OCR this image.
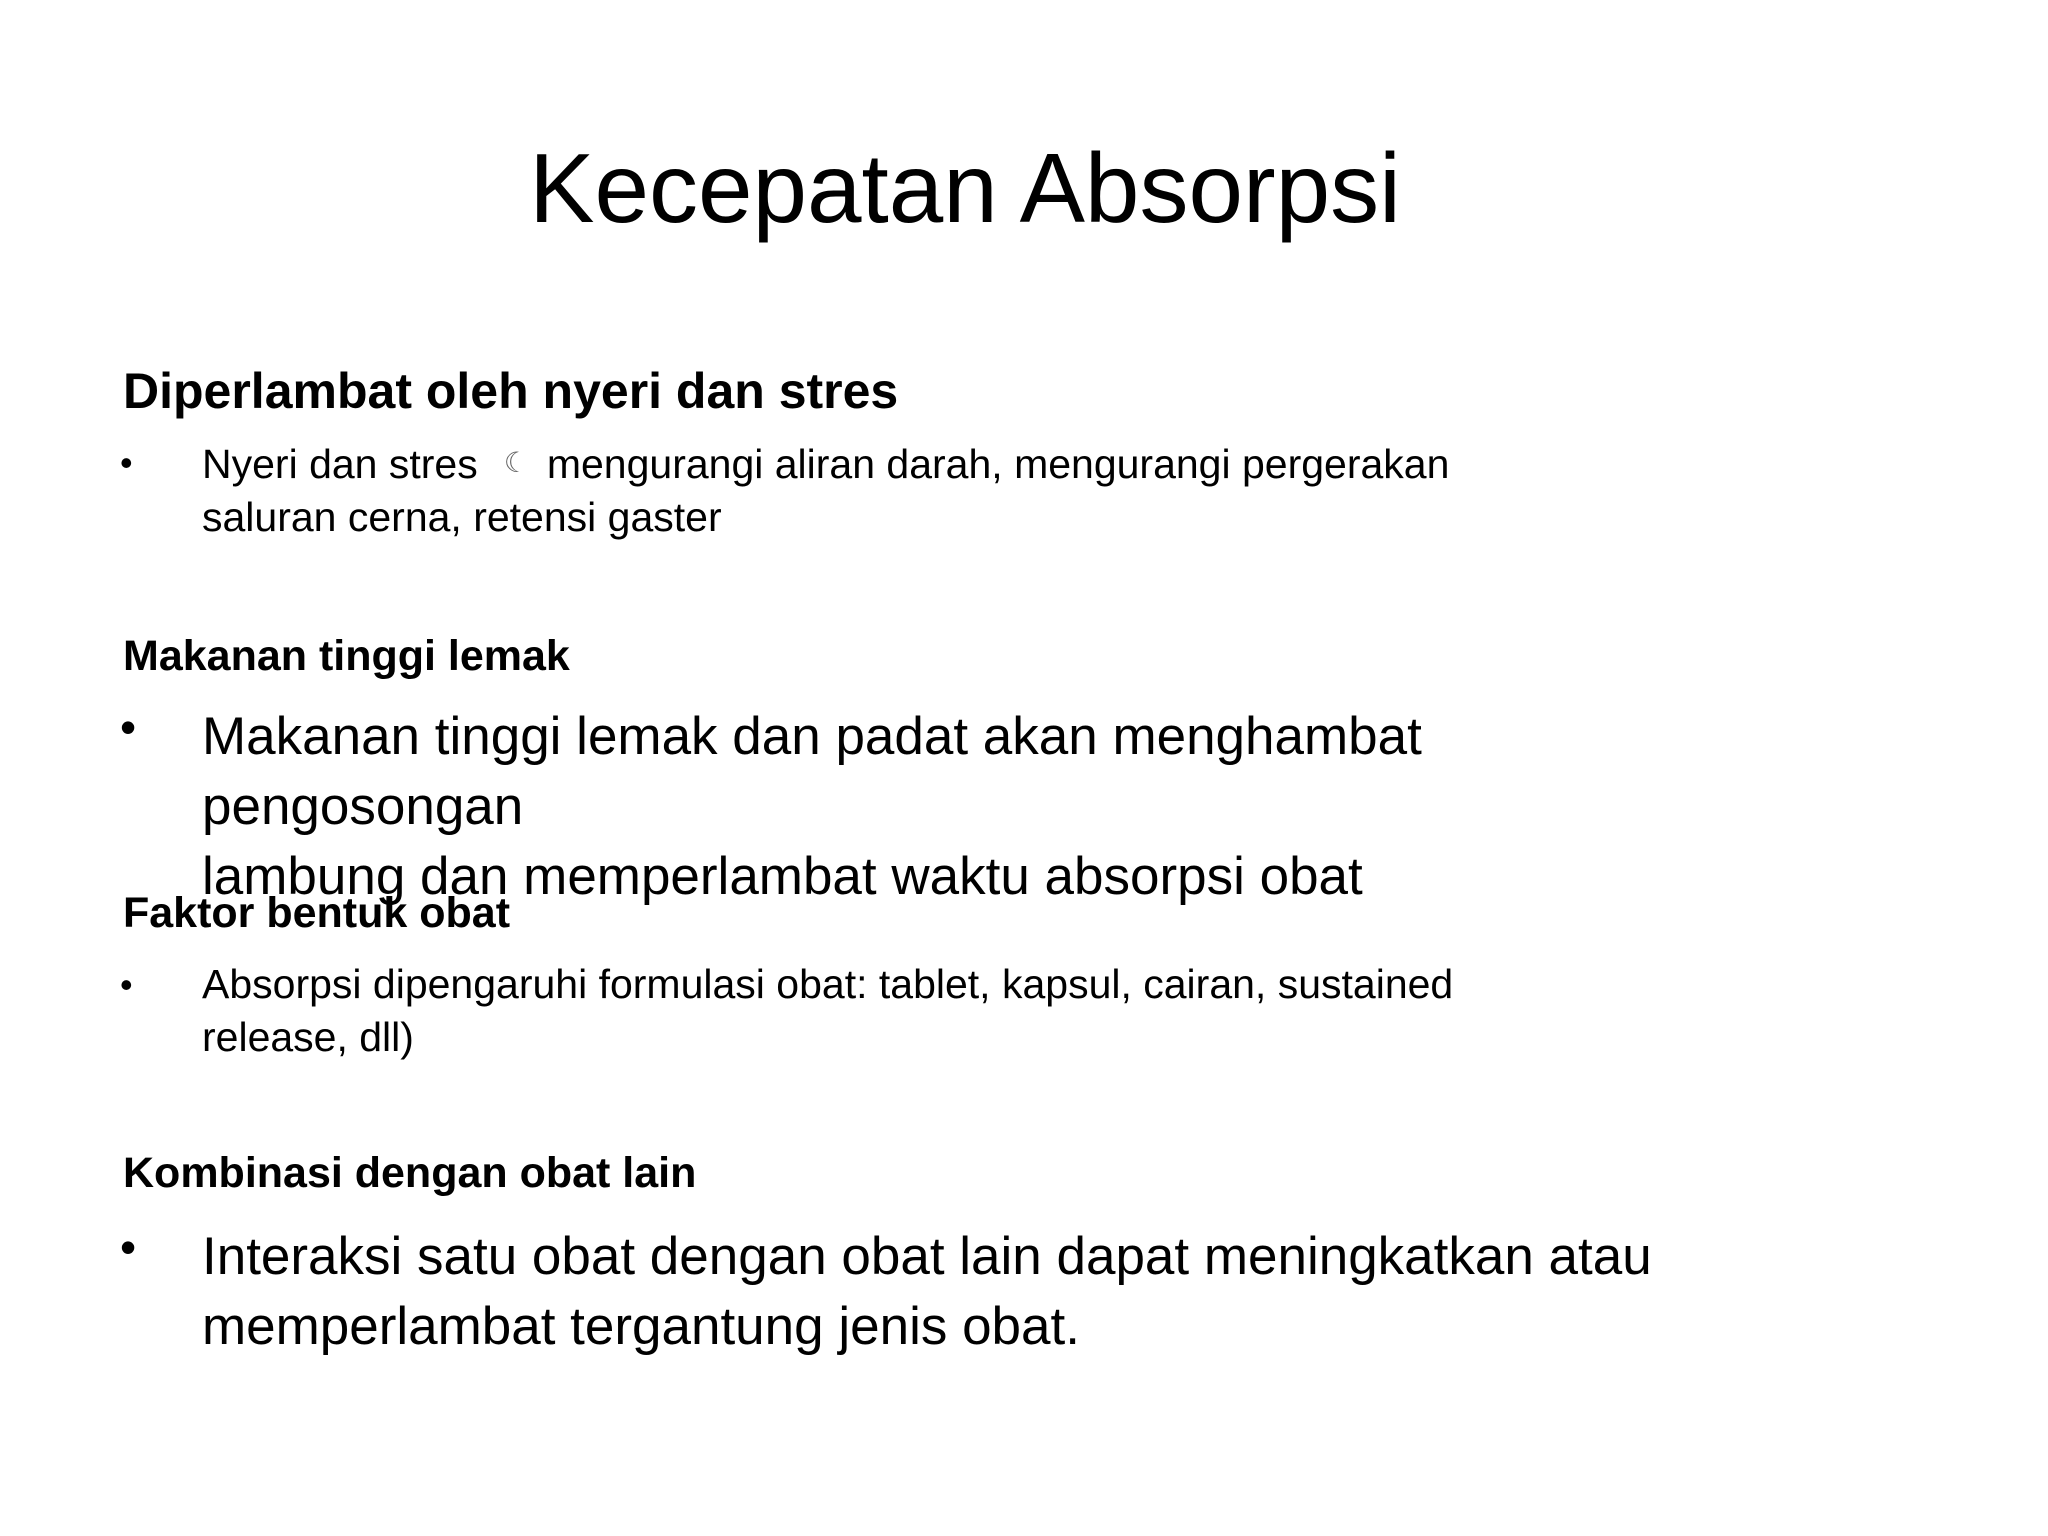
Kecepatan Absorpsi
Diperlambat oleh nyeri dan stres
• Nyeri dan stres ☾ mengurangi aliran darah, mengurangi pergerakan
saluran cerna, retensi gaster
Makanan tinggi lemak
• Makanan tinggi lemak dan padat akan menghambat
pengosongan
lambung dan memperlambat waktu absorpsi obat
Faktor bentuk obat
• Absorpsi dipengaruhi formulasi obat: tablet, kapsul, cairan, sustained
release, dll)
Kombinasi dengan obat lain
• Interaksi satu obat dengan obat lain dapat meningkatkan atau
memperlambat tergantung jenis obat.
